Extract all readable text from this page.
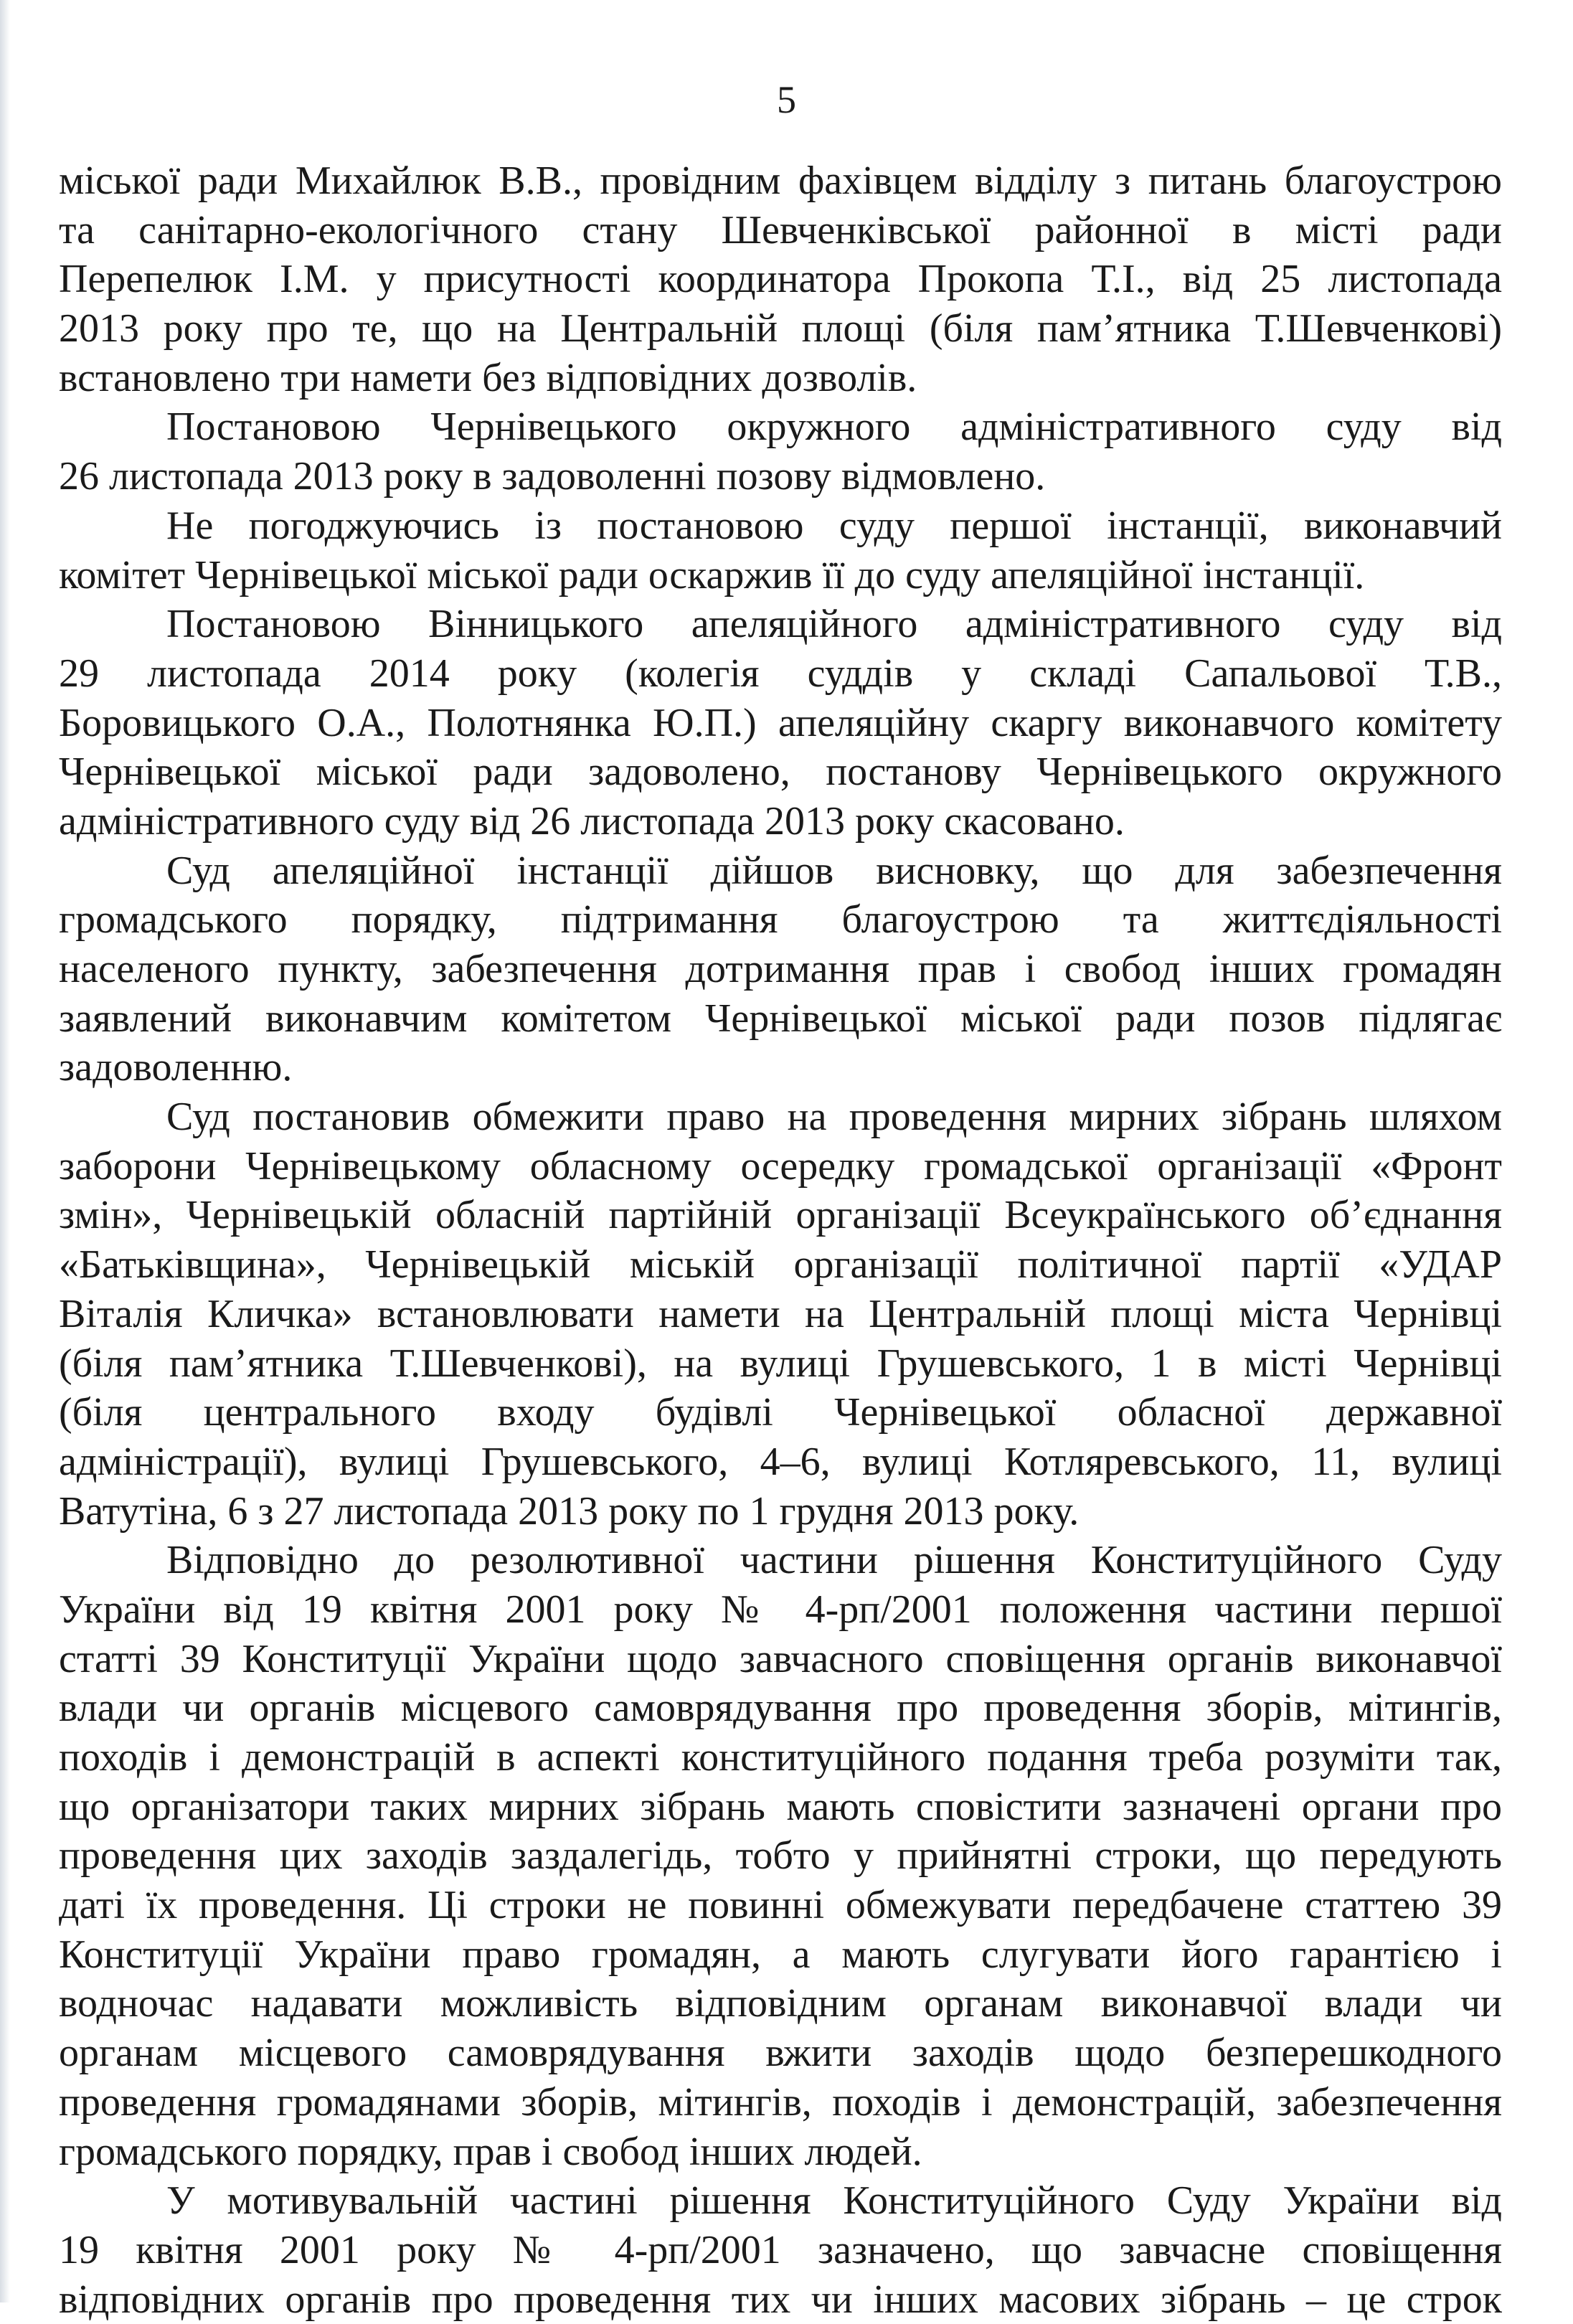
5
міської ради Михайлюк В.В., провідним фахівцем відділу з питань благоустрою
та санітарно-екологічного стану Шевченківської районної в місті ради
Перепелюк І.М. у присутності координатора Прокопа Т.І., від 25 листопада
2013 року про те, що на Центральній площі (біля пам’ятника Т.Шевченкові)
встановлено три намети без відповідних дозволів.
Постановою Чернівецького окружного адміністративного суду від
26 листопада 2013 року в задоволенні позову відмовлено.
Не погоджуючись із постановою суду першої інстанції, виконавчий
комітет Чернівецької міської ради оскаржив її до суду апеляційної інстанції.
Постановою Вінницького апеляційного адміністративного суду від
29 листопада 2014 року (колегія суддів у складі Сапальової Т.В.,
Боровицького О.А., Полотнянка Ю.П.) апеляційну скаргу виконавчого комітету
Чернівецької міської ради задоволено, постанову Чернівецького окружного
адміністративного суду від 26 листопада 2013 року скасовано.
Суд апеляційної інстанції дійшов висновку, що для забезпечення
громадського порядку, підтримання благоустрою та життєдіяльності
населеного пункту, забезпечення дотримання прав і свобод інших громадян
заявлений виконавчим комітетом Чернівецької міської ради позов підлягає
задоволенню.
Суд постановив обмежити право на проведення мирних зібрань шляхом
заборони Чернівецькому обласному осередку громадської організації «Фронт
змін», Чернівецькій обласній партійній організації Всеукраїнського об’єднання
«Батьківщина», Чернівецькій міській організації політичної партії «УДАР
Віталія Кличка» встановлювати намети на Центральній площі міста Чернівці
(біля пам’ятника Т.Шевченкові), на вулиці Грушевського, 1 в місті Чернівці
(біля центрального входу будівлі Чернівецької обласної державної
адміністрації), вулиці Грушевського, 4–6, вулиці Котляревського, 11, вулиці
Ватутіна, 6 з 27 листопада 2013 року по 1 грудня 2013 року.
Відповідно до резолютивної частини рішення Конституційного Суду
України від 19 квітня 2001 року № 4-рп/2001 положення частини першої
статті 39 Конституції України щодо завчасного сповіщення органів виконавчої
влади чи органів місцевого самоврядування про проведення зборів, мітингів,
походів і демонстрацій в аспекті конституційного подання треба розуміти так,
що організатори таких мирних зібрань мають сповістити зазначені органи про
проведення цих заходів заздалегідь, тобто у прийнятні строки, що передують
даті їх проведення. Ці строки не повинні обмежувати передбачене статтею 39
Конституції України право громадян, а мають слугувати його гарантією і
водночас надавати можливість відповідним органам виконавчої влади чи
органам місцевого самоврядування вжити заходів щодо безперешкодного
проведення громадянами зборів, мітингів, походів і демонстрацій, забезпечення
громадського порядку, прав і свобод інших людей.
У мотивувальній частині рішення Конституційного Суду України від
19 квітня 2001 року № 4-рп/2001 зазначено, що завчасне сповіщення
відповідних органів про проведення тих чи інших масових зібрань – це строк
